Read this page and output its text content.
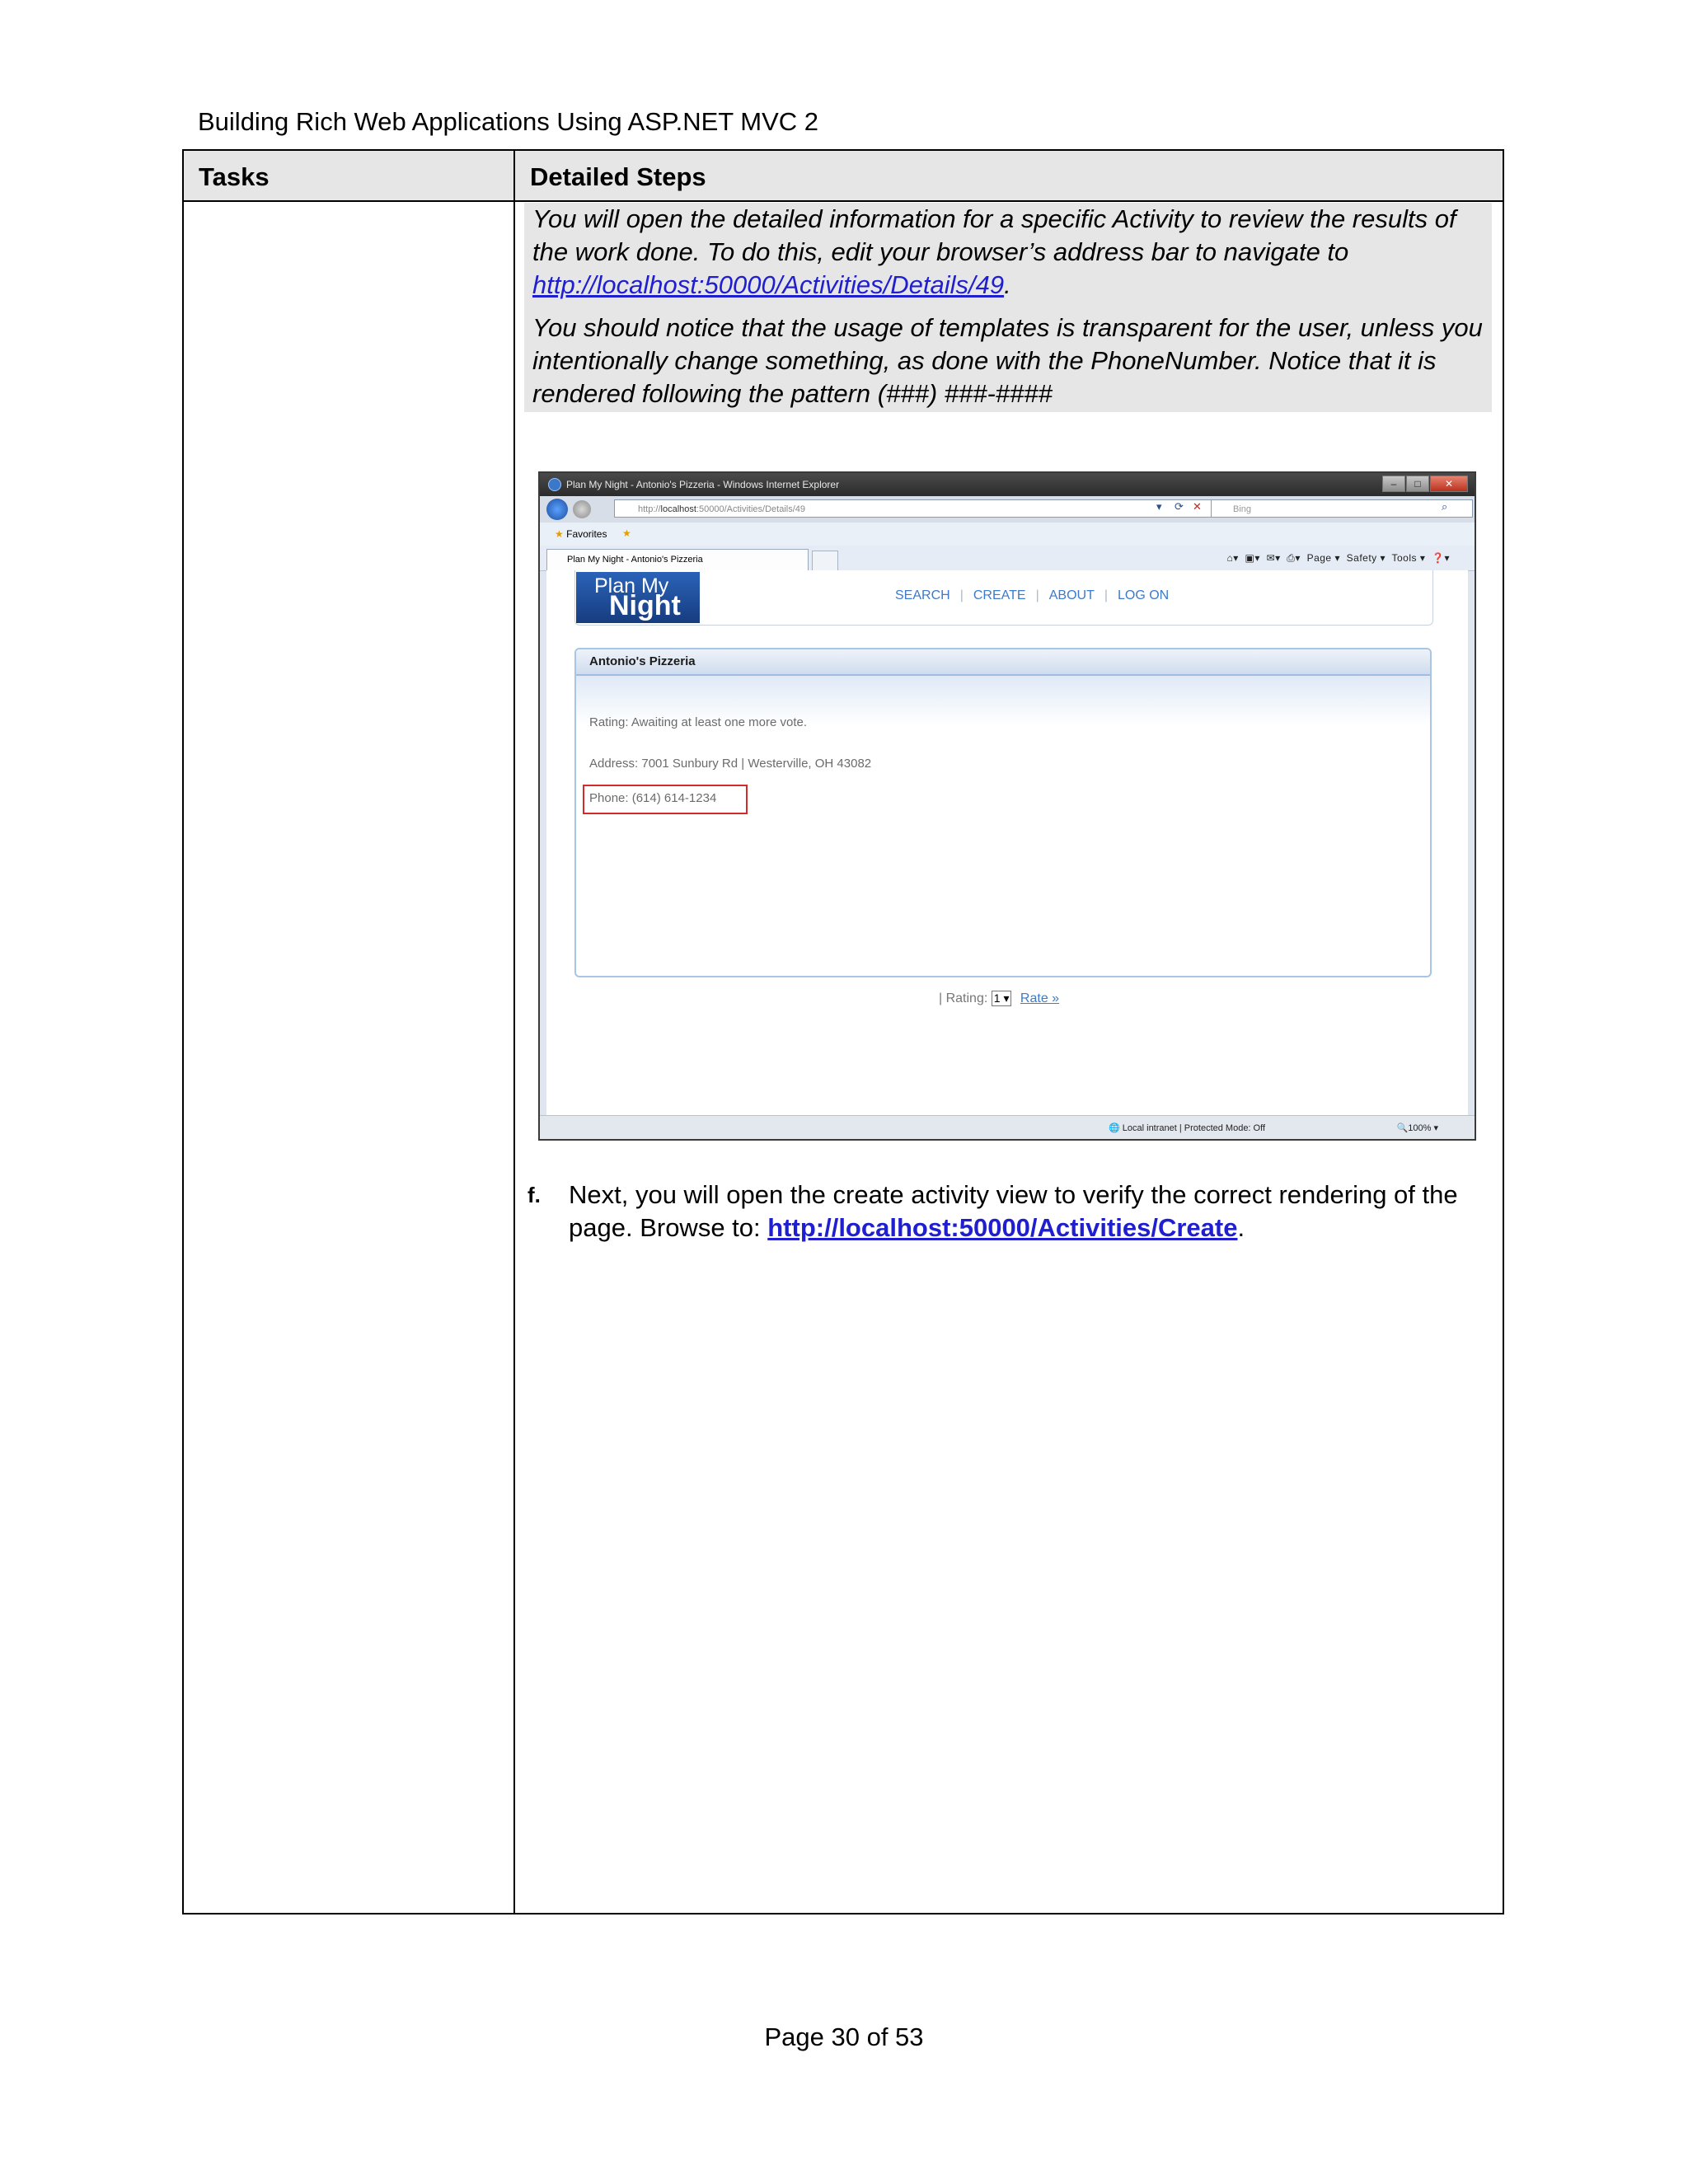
Building Rich Web Applications Using ASP.NET MVC 2
Tasks	Detailed Steps

You will open the detailed information for a specific Activity to review the results of the work done. To do this, edit your browser’s address bar to navigate to http://localhost:50000/Activities/Details/49.

You should notice that the usage of templates is transparent for the user, unless you intentionally change something, as done with the PhoneNumber. Notice that it is rendered following the pattern (###) ###-####

Plan My Night - Antonio's Pizzeria - Windows Internet Explorer	–	□	✕
http://localhost:50000/Activities/Details/49	▾ ⟳ ✕	Bing	⌕
★ Favorites ★
Plan My Night - Antonio's Pizzeria	⌂▾ ▣▾ ✉▾ ⎙▾ Page ▾ Safety ▾ Tools ▾ ❓▾
SEARCH | CREATE | ABOUT | LOG ON
Plan My
Night
Antonio's Pizzeria
Rating: Awaiting at least one more vote.
Address: 7001 Sunbury Rd | Westerville, OH 43082
Phone: (614) 614-1234
| Rating: 1 ▾ Rate »
🌐 Local intranet | Protected Mode: Off	🔍100% ▾
f. Next, you will open the create activity view to verify the correct rendering of the page. Browse to: http://localhost:50000/Activities/Create.
Page 30 of 53
